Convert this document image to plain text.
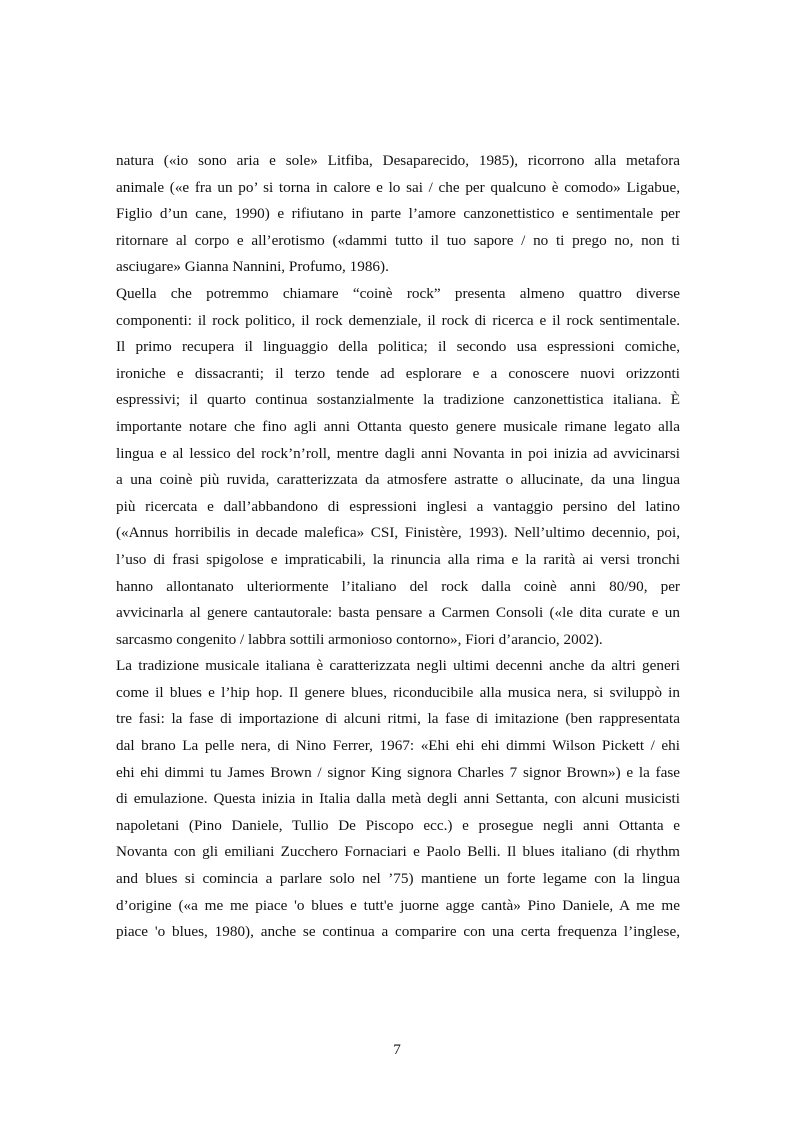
natura («io sono aria e sole» Litfiba, Desaparecido, 1985), ricorrono alla metafora
animale («e fra un po’ si torna in calore e lo sai / che per qualcuno è comodo» Ligabue,
Figlio d’un cane, 1990) e rifiutano in parte l’amore canzonettistico e sentimentale per
ritornare al corpo e all’erotismo («dammi tutto il tuo sapore / no ti prego no, non ti
asciugare» Gianna Nannini, Profumo, 1986).
Quella che potremmo chiamare “coinè rock” presenta almeno quattro diverse
componenti: il rock politico, il rock demenziale, il rock di ricerca e il rock sentimentale.
Il primo recupera il linguaggio della politica; il secondo usa espressioni comiche,
ironiche e dissacranti; il terzo tende ad esplorare e a conoscere nuovi orizzonti
espressivi; il quarto continua sostanzialmente la tradizione canzonettistica italiana. È
importante notare che fino agli anni Ottanta questo genere musicale rimane legato alla
lingua e al lessico del rock’n’roll, mentre dagli anni Novanta in poi inizia ad avvicinarsi
a una coinè più ruvida, caratterizzata da atmosfere astratte o allucinate, da una lingua
più ricercata e dall’abbandono di espressioni inglesi a vantaggio persino del latino
(«Annus horribilis in decade malefica» CSI, Finistère, 1993). Nell’ultimo decennio, poi,
l’uso di frasi spigolose e impraticabili, la rinuncia alla rima e la rarità ai versi tronchi
hanno allontanato ulteriormente l’italiano del rock dalla coinè anni 80/90, per
avvicinarla al genere cantautorale: basta pensare a Carmen Consoli («le dita curate e un
sarcasmo congenito / labbra sottili armonioso contorno», Fiori d’arancio, 2002).
La tradizione musicale italiana è caratterizzata negli ultimi decenni anche da altri generi
come il blues e l’hip hop. Il genere blues, riconducibile alla musica nera, si sviluppò in
tre fasi: la fase di importazione di alcuni ritmi, la fase di imitazione (ben rappresentata
dal brano La pelle nera, di Nino Ferrer, 1967: «Ehi ehi ehi dimmi Wilson Pickett / ehi
ehi ehi dimmi tu James Brown / signor King signora Charles 7 signor Brown») e la fase
di emulazione. Questa inizia in Italia dalla metà degli anni Settanta, con alcuni musicisti
napoletani (Pino Daniele, Tullio De Piscopo ecc.) e prosegue negli anni Ottanta e
Novanta con gli emiliani Zucchero Fornaciari e Paolo Belli. Il blues italiano (di rhythm
and blues si comincia a parlare solo nel ’75) mantiene un forte legame con la lingua
d’origine («a me me piace 'o blues e tutt'e juorne agge cantà» Pino Daniele, A me me
piace 'o blues, 1980), anche se continua a comparire con una certa frequenza l’inglese,
7
